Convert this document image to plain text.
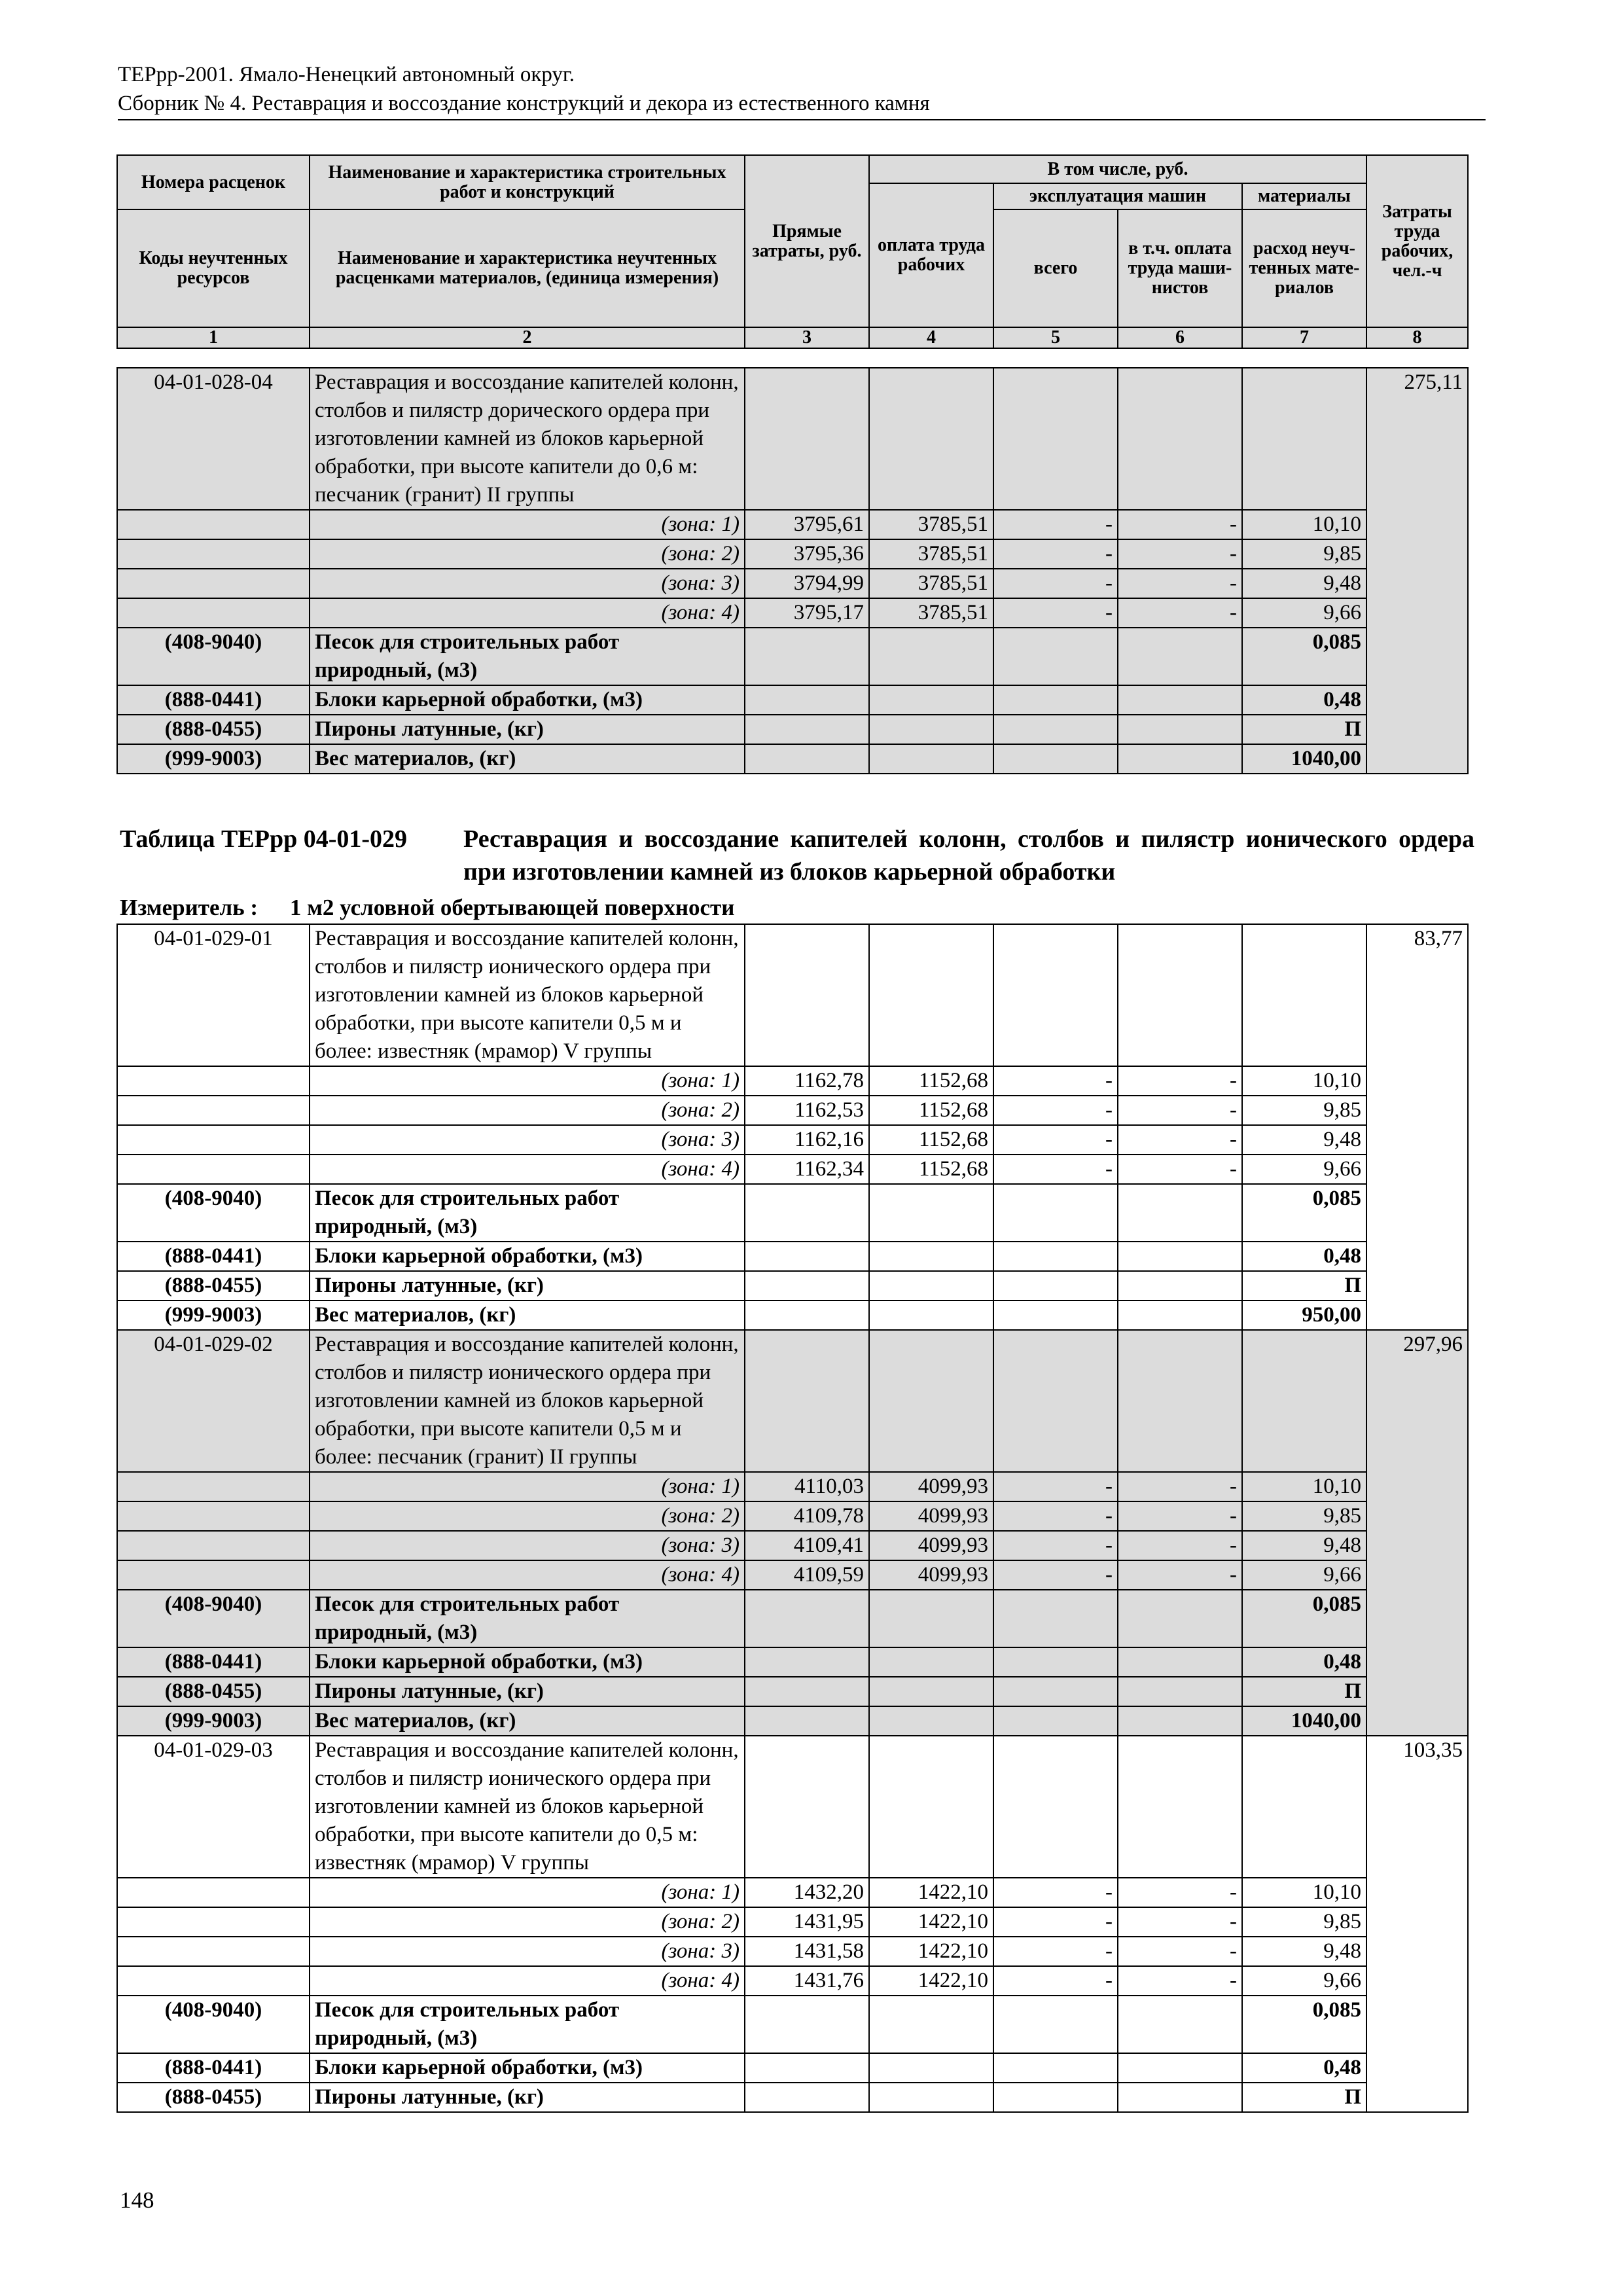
ТЕРрр-2001. Ямало-Ненецкий автономный округ.
Сборник № 4. Реставрация и воссоздание конструкций и декора из естественного камня
Номера расценок	Наименование и характеристика строительных работ и конструкций	Прямые затраты, руб.	В том числе, руб.				Затраты труда рабочих, чел.-ч
			оплата труда рабочих	эксплуатация машин		материалы	
Коды неучтенных ресурсов	Наименование и характеристика неучтенных расценками материалов, (единица измерения)			всего	в т.ч. оплата труда маши-нистов	расход неуч-тенных мате-риалов	

1	2	3	4	5	6	7	8
04-01-028-04	Реставрация и воссоздание капителей колонн, столбов и пилястр дорического ордера при изготовлении камней из блоков карьерной обработки, при высоте капители до 0,6 м: песчаник (гранит) II группы						275,11
	(зона: 1)	3795,61	3785,51	-	-	10,10	
	(зона: 2)	3795,36	3785,51	-	-	9,85	
	(зона: 3)	3794,99	3785,51	-	-	9,48	
	(зона: 4)	3795,17	3785,51	-	-	9,66	
(408-9040)	Песок для строительных работ природный, (м3)					0,085	
(888-0441)	Блоки карьерной обработки, (м3)					0,48	
(888-0455)	Пироны латунные, (кг)					П	
(999-9003)	Вес материалов, (кг)					1040,00	
Таблица ТЕРрр 04-01-029	Реставрация и воссоздание капителей колонн, столбов и пилястр ионического ордера при изготовлении камней из блоков карьерной обработки
Измеритель : 1 м2 условной обертывающей поверхности
04-01-029-01	Реставрация и воссоздание капителей колонн, столбов и пилястр ионического ордера при изготовлении камней из блоков карьерной обработки, при высоте капители 0,5 м и более: известняк (мрамор) V группы						83,77
	(зона: 1)	1162,78	1152,68	-	-	10,10	
	(зона: 2)	1162,53	1152,68	-	-	9,85	
	(зона: 3)	1162,16	1152,68	-	-	9,48	
	(зона: 4)	1162,34	1152,68	-	-	9,66	
(408-9040)	Песок для строительных работ природный, (м3)					0,085	
(888-0441)	Блоки карьерной обработки, (м3)					0,48	
(888-0455)	Пироны латунные, (кг)					П	
(999-9003)	Вес материалов, (кг)					950,00	
04-01-029-02	Реставрация и воссоздание капителей колонн, столбов и пилястр ионического ордера при изготовлении камней из блоков карьерной обработки, при высоте капители 0,5 м и более: песчаник (гранит) II группы						297,96
	(зона: 1)	4110,03	4099,93	-	-	10,10	
	(зона: 2)	4109,78	4099,93	-	-	9,85	
	(зона: 3)	4109,41	4099,93	-	-	9,48	
	(зона: 4)	4109,59	4099,93	-	-	9,66	
(408-9040)	Песок для строительных работ природный, (м3)					0,085	
(888-0441)	Блоки карьерной обработки, (м3)					0,48	
(888-0455)	Пироны латунные, (кг)					П	
(999-9003)	Вес материалов, (кг)					1040,00	
04-01-029-03	Реставрация и воссоздание капителей колонн, столбов и пилястр ионического ордера при изготовлении камней из блоков карьерной обработки, при высоте капители до 0,5 м: известняк (мрамор) V группы						103,35
	(зона: 1)	1432,20	1422,10	-	-	10,10	
	(зона: 2)	1431,95	1422,10	-	-	9,85	
	(зона: 3)	1431,58	1422,10	-	-	9,48	
	(зона: 4)	1431,76	1422,10	-	-	9,66	
(408-9040)	Песок для строительных работ природный, (м3)					0,085	
(888-0441)	Блоки карьерной обработки, (м3)					0,48	
(888-0455)	Пироны латунные, (кг)					П	
148
